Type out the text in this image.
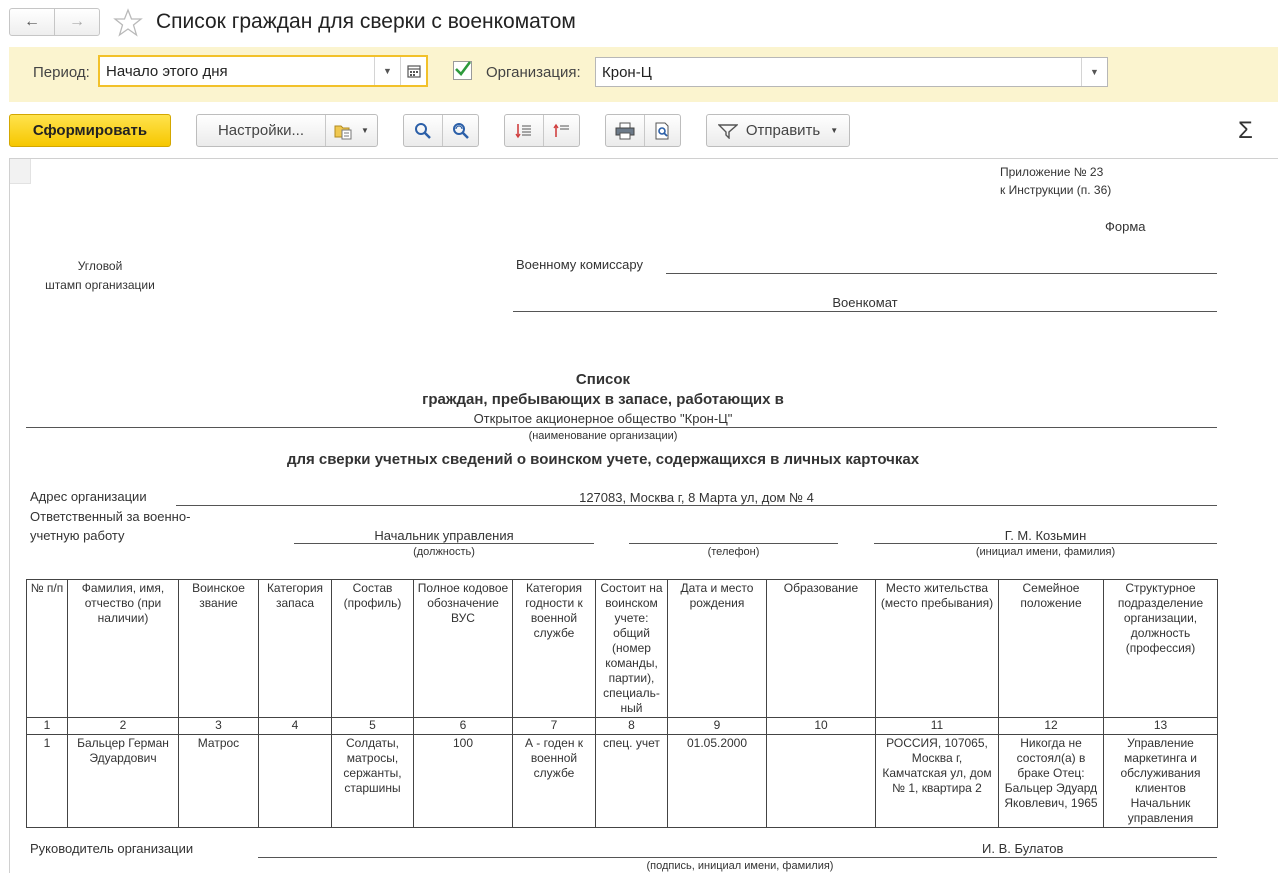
← →	Список граждан для сверки с военкоматом
Период:	Начало этого дня	▼	Организация:	Крон-Ц	▼
Сформировать	Настройки...	▼	Отправить ▼	Σ
Приложение № 23
к Инструкции (п. 36)
Форма
Угловой
штамп организации
Военному комиссару
Военкомат
Список
граждан, пребывающих в запасе, работающих в
Открытое акционерное общество "Крон-Ц"
(наименование организации)
для сверки учетных сведений о воинском учете, содержащихся в личных карточках
Адрес организации	127083, Москва г, 8 Марта ул, дом № 4
Ответственный за военно-
учетную работу	Начальник управления
(должность)	(телефон)
Г. М. Козьмин
(инициал имени, фамилия)
№ п/п	Фамилия, имя, отчество (при наличии)	Воинское звание	Категория запаса	Состав (профиль)	Полное кодовое обозначение ВУС	Категория годности к военной службе	Состоит на воинском учете: общий (номер команды, партии), специаль-ный	Дата и место рождения	Образование	Место жительства (место пребывания)	Семейное положение	Структурное подразделение организации, должность (профессия)
1	2	3	4	5	6	7	8	9	10	11	12	13
1	Бальцер Герман Эдуардович	Матрос		Солдаты, матросы, сержанты, старшины	100	А - годен к военной службе	спец. учет	01.05.2000		РОССИЯ, 107065, Москва г, Камчатская ул, дом № 1, квартира 2	Никогда не состоял(а) в браке Отец: Бальцер Эдуард Яковлевич, 1965	Управление маркетинга и обслуживания клиентов Начальник управления
Руководитель организации	И. В. Булатов
(подпись, инициал имени, фамилия)
